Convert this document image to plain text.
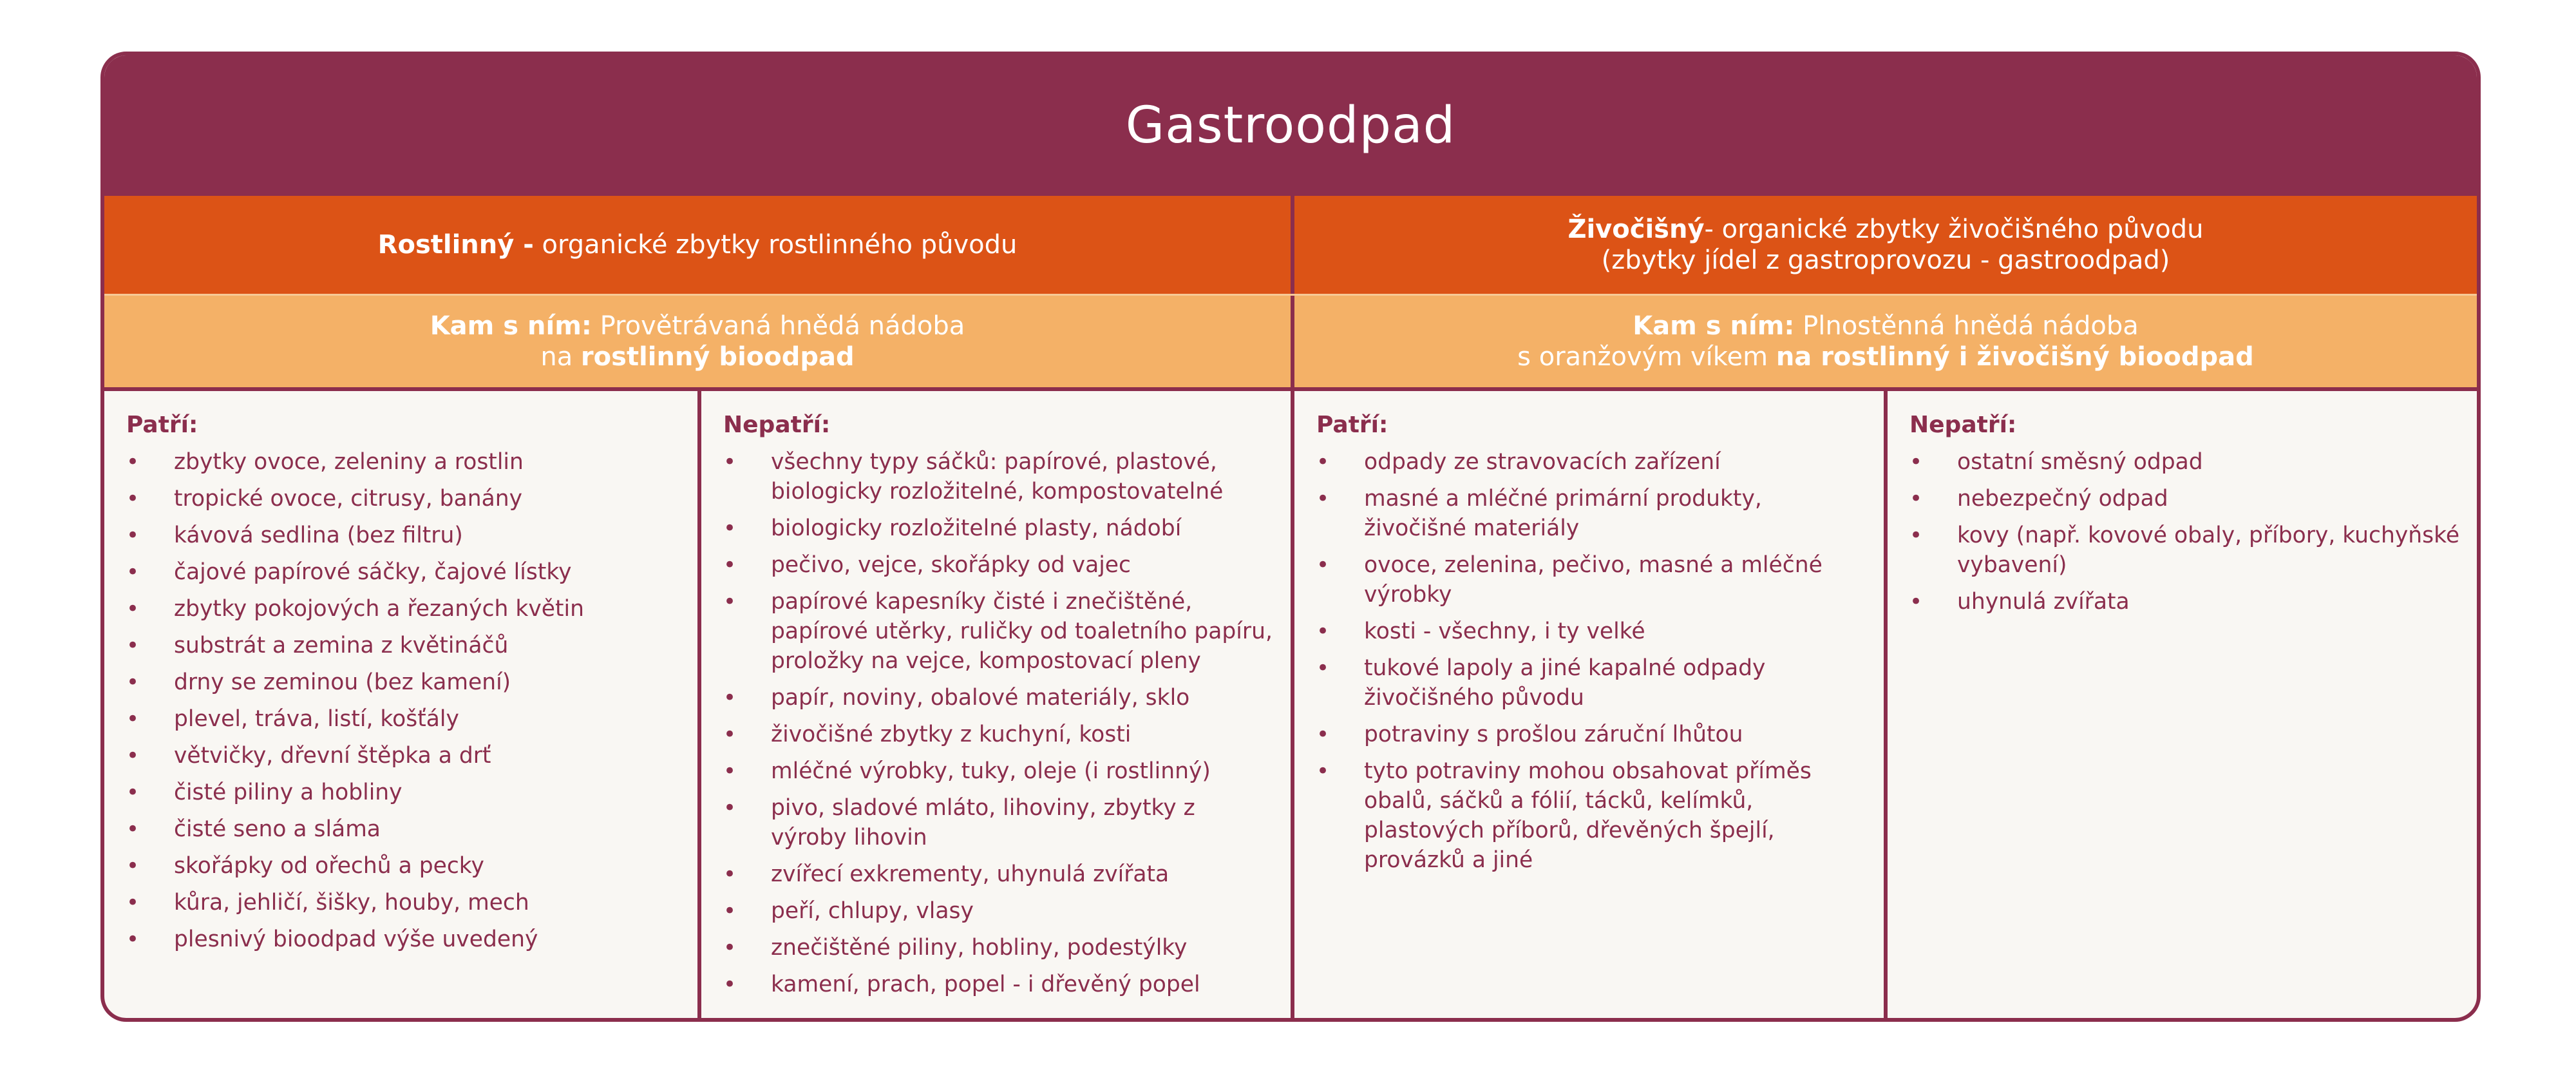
Gastroodpad
Rostlinný - organické zbytky rostlinného původu
Živočišný- organické zbytky živočišného původu
(zbytky jídel z gastroprovozu - gastroodpad)
Kam s ním: Provětrávaná hnědá nádoba
na rostlinný bioodpad
Kam s ním: Plnostěnná hnědá nádoba
s oranžovým víkem na rostlinný i živočišný bioodpad
Patří:
• zbytky ovoce, zeleniny a rostlin
• tropické ovoce, citrusy, banány
• kávová sedlina (bez filtru)
• čajové papírové sáčky, čajové lístky
• zbytky pokojových a řezaných květin
• substrát a zemina z květináčů
• drny se zeminou (bez kamení)
• plevel, tráva, listí, košťály
• větvičky, dřevní štěpka a drť
• čisté piliny a hobliny
• čisté seno a sláma
• skořápky od ořechů a pecky
• kůra, jehličí, šišky, houby, mech
• plesnivý bioodpad výše uvedený
Nepatří:
• všechny typy sáčků: papírové, plastové, biologicky rozložitelné, kompostovatelné
• biologicky rozložitelné plasty, nádobí
• pečivo, vejce, skořápky od vajec
• papírové kapesníky čisté i znečištěné, papírové utěrky, ruličky od toaletního papíru, proložky na vejce, kompostovací pleny
• papír, noviny, obalové materiály, sklo
• živočišné zbytky z kuchyní, kosti
• mléčné výrobky, tuky, oleje (i rostlinný)
• pivo, sladové mláto, lihoviny, zbytky z výroby lihovin
• zvířecí exkrementy, uhynulá zvířata
• peří, chlupy, vlasy
• znečištěné piliny, hobliny, podestýlky
• kamení, prach, popel - i dřevěný popel
Patří:
• odpady ze stravovacích zařízení
• masné a mléčné primární produkty, živočišné materiály
• ovoce, zelenina, pečivo, masné a mléčné výrobky
• kosti - všechny, i ty velké
• tukové lapoly a jiné kapalné odpady živočišného původu
• potraviny s prošlou záruční lhůtou
• tyto potraviny mohou obsahovat příměs obalů, sáčků a fólií, tácků, kelímků, plastových příborů, dřevěných špejlí, provázků a jiné
Nepatří:
• ostatní směsný odpad
• nebezpečný odpad
• kovy (např. kovové obaly, příbory, kuchyňské vybavení)
• uhynulá zvířata
